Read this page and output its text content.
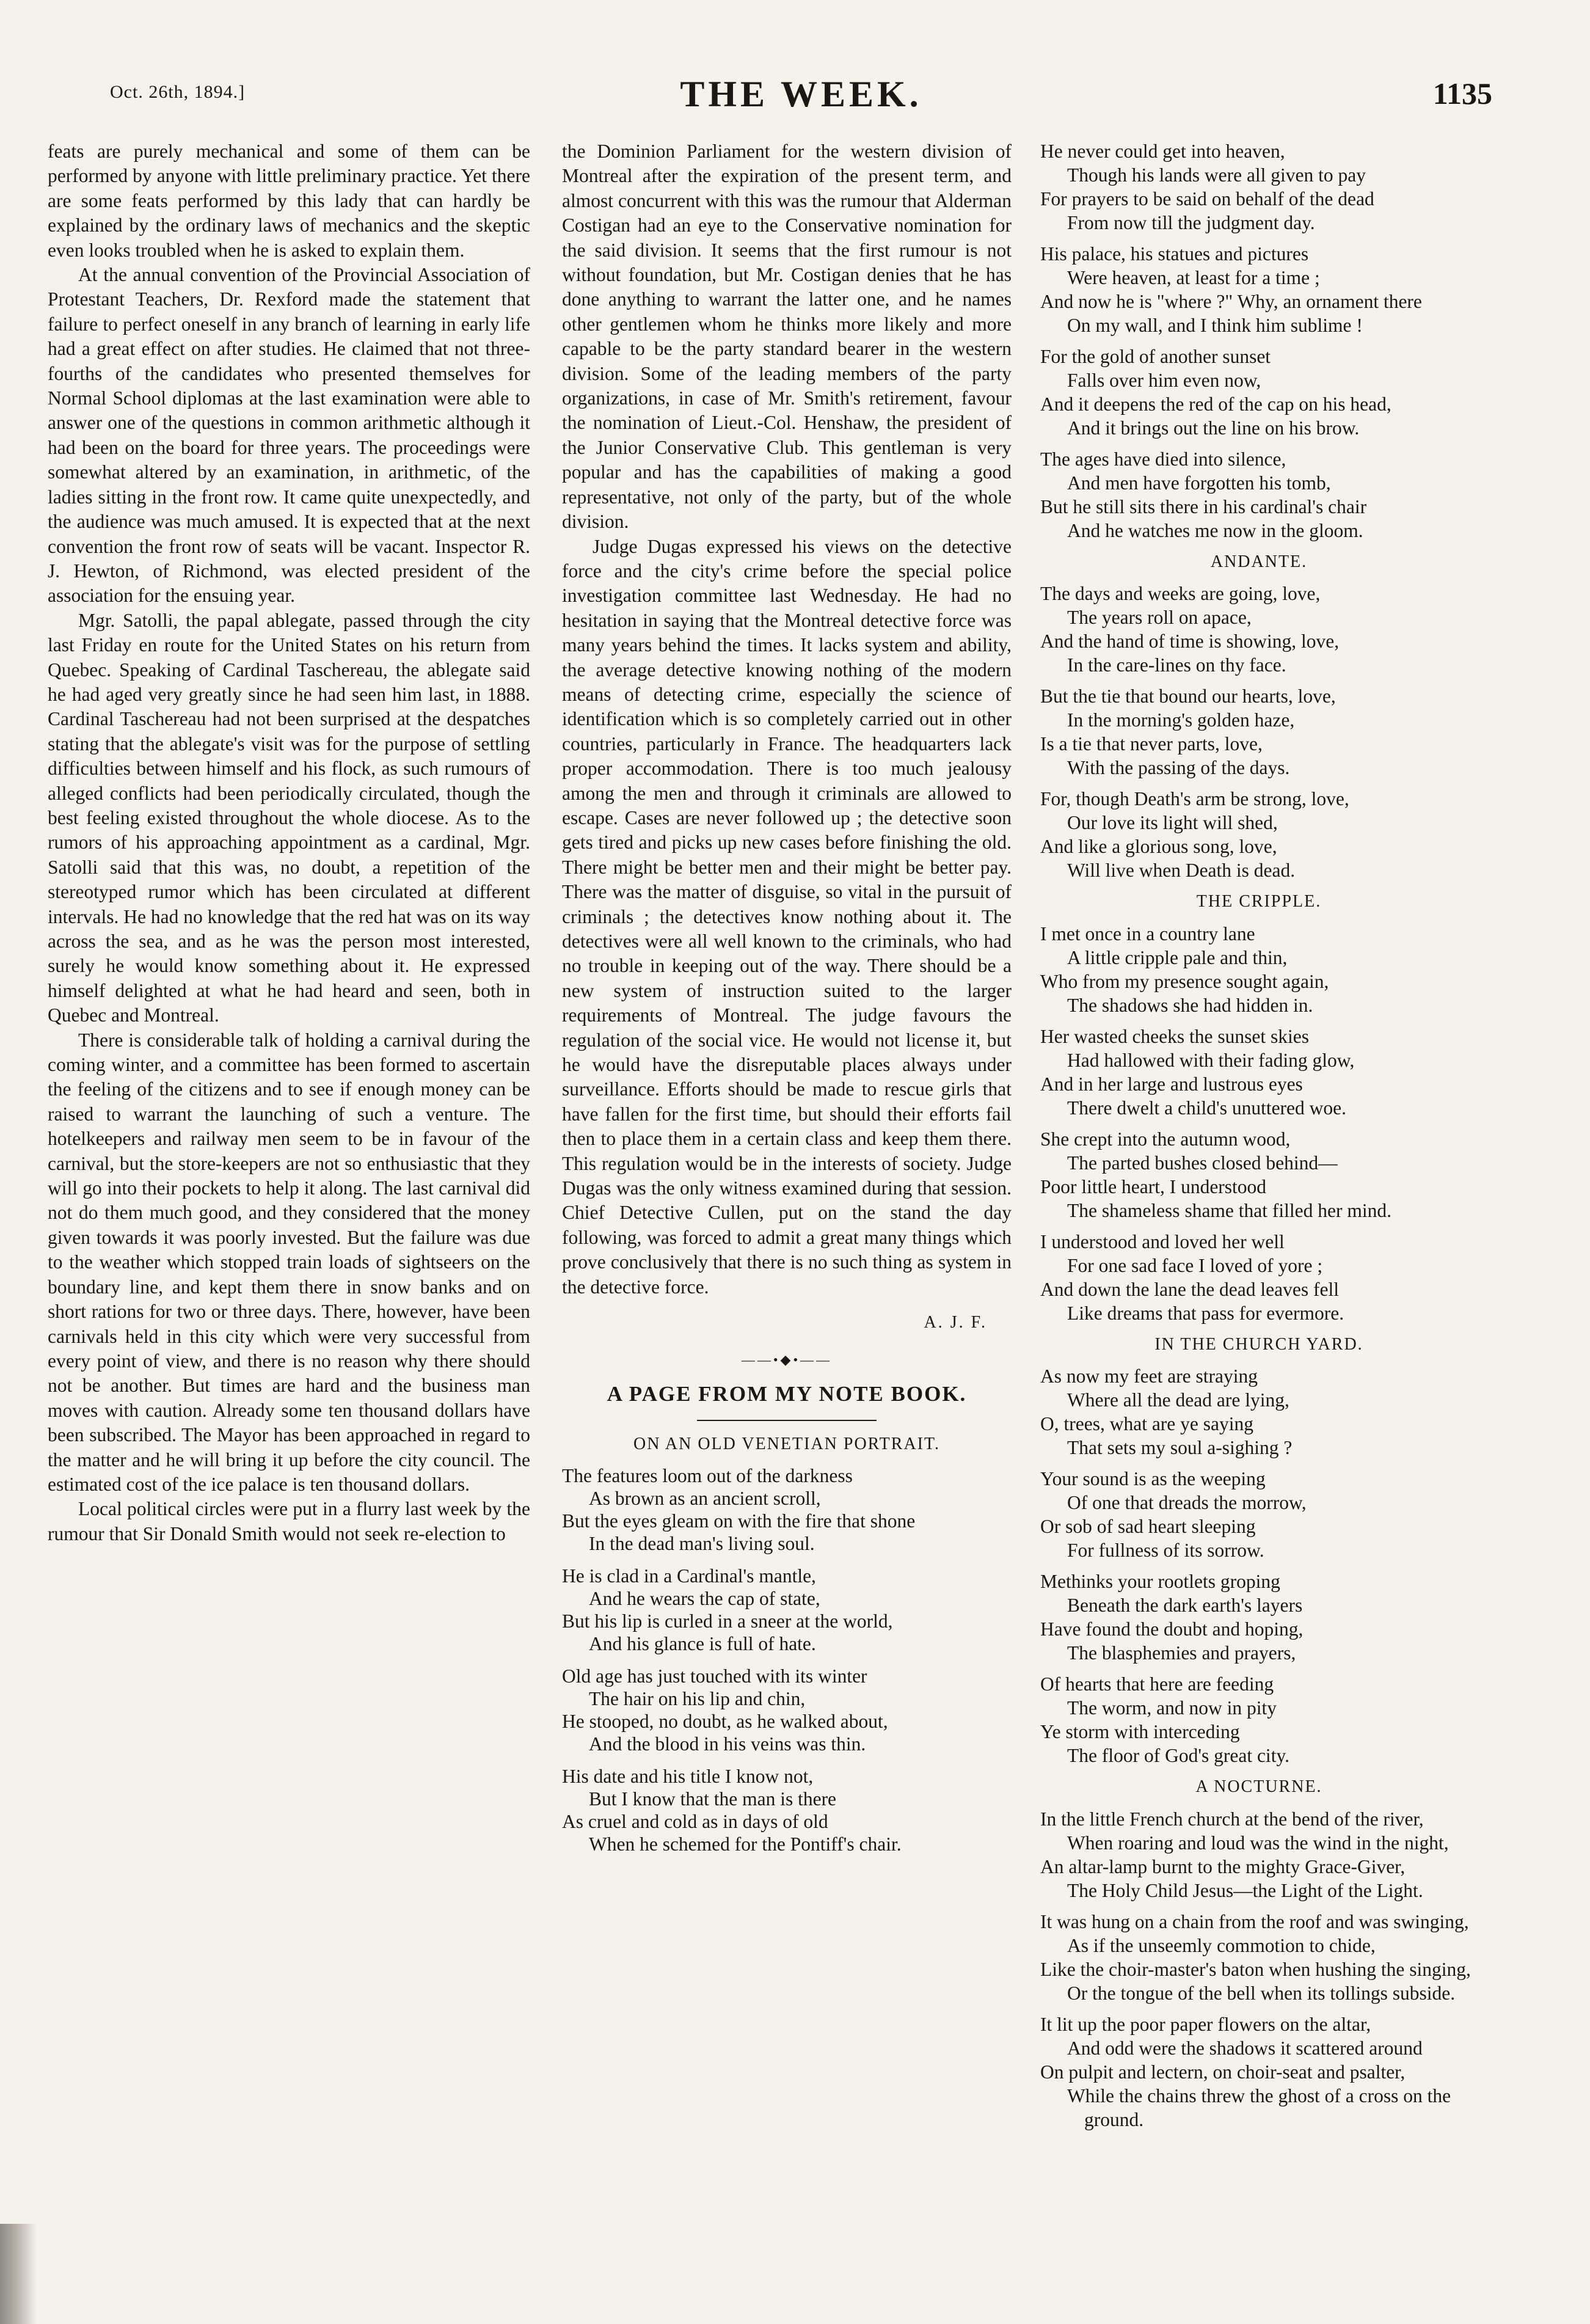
Oct. 26th, 1894.]	THE WEEK.	1135

feats are purely mechanical and some of them can be performed by anyone with little preliminary practice. Yet there are some feats performed by this lady that can hardly be explained by the ordinary laws of mechanics and the skeptic even looks troubled when he is asked to explain them.

At the annual convention of the Provincial Association of Protestant Teachers, Dr. Rexford made the statement that failure to perfect oneself in any branch of learning in early life had a great effect on after studies. He claimed that not three-fourths of the candidates who presented themselves for Normal School diplomas at the last examination were able to answer one of the questions in common arithmetic although it had been on the board for three years. The proceedings were somewhat altered by an examination, in arithmetic, of the ladies sitting in the front row. It came quite unexpectedly, and the audience was much amused. It is expected that at the next convention the front row of seats will be vacant. Inspector R. J. Hewton, of Richmond, was elected president of the association for the ensuing year.

Mgr. Satolli, the papal ablegate, passed through the city last Friday en route for the United States on his return from Quebec. Speaking of Cardinal Taschereau, the ablegate said he had aged very greatly since he had seen him last, in 1888. Cardinal Taschereau had not been surprised at the despatches stating that the ablegate's visit was for the purpose of settling difficulties between himself and his flock, as such rumours of alleged conflicts had been periodically circulated, though the best feeling existed throughout the whole diocese. As to the rumors of his approaching appointment as a cardinal, Mgr. Satolli said that this was, no doubt, a repetition of the stereotyped rumor which has been circulated at different intervals. He had no knowledge that the red hat was on its way across the sea, and as he was the person most interested, surely he would know something about it. He expressed himself delighted at what he had heard and seen, both in Quebec and Montreal.

There is considerable talk of holding a carnival during the coming winter, and a committee has been formed to ascertain the feeling of the citizens and to see if enough money can be raised to warrant the launching of such a venture. The hotelkeepers and railway men seem to be in favour of the carnival, but the store-keepers are not so enthusiastic that they will go into their pockets to help it along. The last carnival did not do them much good, and they considered that the money given towards it was poorly invested. But the failure was due to the weather which stopped train loads of sightseers on the boundary line, and kept them there in snow banks and on short rations for two or three days. There, however, have been carnivals held in this city which were very successful from every point of view, and there is no reason why there should not be another. But times are hard and the business man moves with caution. Already some ten thousand dollars have been subscribed. The Mayor has been approached in regard to the matter and he will bring it up before the city council. The estimated cost of the ice palace is ten thousand dollars.

Local political circles were put in a flurry last week by the rumour that Sir Donald Smith would not seek re-election to

the Dominion Parliament for the western division of Montreal after the expiration of the present term, and almost concurrent with this was the rumour that Alderman Costigan had an eye to the Conservative nomination for the said division. It seems that the first rumour is not without foundation, but Mr. Costigan denies that he has done anything to warrant the latter one, and he names other gentlemen whom he thinks more likely and more capable to be the party standard bearer in the western division. Some of the leading members of the party organizations, in case of Mr. Smith's retirement, favour the nomination of Lieut.-Col. Henshaw, the president of the Junior Conservative Club. This gentleman is very popular and has the capabilities of making a good representative, not only of the party, but of the whole division.

Judge Dugas expressed his views on the detective force and the city's crime before the special police investigation committee last Wednesday. He had no hesitation in saying that the Montreal detective force was many years behind the times. It lacks system and ability, the average detective knowing nothing of the modern means of detecting crime, especially the science of identification which is so completely carried out in other countries, particularly in France. The headquarters lack proper accommodation. There is too much jealousy among the men and through it criminals are allowed to escape. Cases are never followed up ; the detective soon gets tired and picks up new cases before finishing the old. There might be better men and their might be better pay. There was the matter of disguise, so vital in the pursuit of criminals ; the detectives know nothing about it. The detectives were all well known to the criminals, who had no trouble in keeping out of the way. There should be a new system of instruction suited to the larger requirements of Montreal. The judge favours the regulation of the social vice. He would not license it, but he would have the disreputable places always under surveillance. Efforts should be made to rescue girls that have fallen for the first time, but should their efforts fail then to place them in a certain class and keep them there. This regulation would be in the interests of society. Judge Dugas was the only witness examined during that session. Chief Detective Cullen, put on the stand the day following, was forced to admit a great many things which prove conclusively that there is no such thing as system in the detective force.

A. J. F.
——•◆•——
A PAGE FROM MY NOTE BOOK.
ON AN OLD VENETIAN PORTRAIT.
The features loom out of the darkness
As brown as an ancient scroll,
But the eyes gleam on with the fire that shone
In the dead man's living soul.
He is clad in a Cardinal's mantle,
And he wears the cap of state,
But his lip is curled in a sneer at the world,
And his glance is full of hate.
Old age has just touched with its winter
The hair on his lip and chin,
He stooped, no doubt, as he walked about,
And the blood in his veins was thin.
His date and his title I know not,
But I know that the man is there
As cruel and cold as in days of old
When he schemed for the Pontiff's chair.
He never could get into heaven,
Though his lands were all given to pay
For prayers to be said on behalf of the dead
From now till the judgment day.
His palace, his statues and pictures
Were heaven, at least for a time ;
And now he is "where ?" Why, an ornament there
On my wall, and I think him sublime !
For the gold of another sunset
Falls over him even now,
And it deepens the red of the cap on his head,
And it brings out the line on his brow.
The ages have died into silence,
And men have forgotten his tomb,
But he still sits there in his cardinal's chair
And he watches me now in the gloom.
ANDANTE.
The days and weeks are going, love,
The years roll on apace,
And the hand of time is showing, love,
In the care-lines on thy face.
But the tie that bound our hearts, love,
In the morning's golden haze,
Is a tie that never parts, love,
With the passing of the days.
For, though Death's arm be strong, love,
Our love its light will shed,
And like a glorious song, love,
Will live when Death is dead.
THE CRIPPLE.
I met once in a country lane
A little cripple pale and thin,
Who from my presence sought again,
The shadows she had hidden in.
Her wasted cheeks the sunset skies
Had hallowed with their fading glow,
And in her large and lustrous eyes
There dwelt a child's unuttered woe.
She crept into the autumn wood,
The parted bushes closed behind—
Poor little heart, I understood
The shameless shame that filled her mind.
I understood and loved her well
For one sad face I loved of yore ;
And down the lane the dead leaves fell
Like dreams that pass for evermore.
IN THE CHURCH YARD.
As now my feet are straying
Where all the dead are lying,
O, trees, what are ye saying
That sets my soul a-sighing ?
Your sound is as the weeping
Of one that dreads the morrow,
Or sob of sad heart sleeping
For fullness of its sorrow.
Methinks your rootlets groping
Beneath the dark earth's layers
Have found the doubt and hoping,
The blasphemies and prayers,
Of hearts that here are feeding
The worm, and now in pity
Ye storm with interceding
The floor of God's great city.
A NOCTURNE.
In the little French church at the bend of the river,
When roaring and loud was the wind in the night,
An altar-lamp burnt to the mighty Grace-Giver,
The Holy Child Jesus—the Light of the Light.
It was hung on a chain from the roof and was swinging,
As if the unseemly commotion to chide,
Like the choir-master's baton when hushing the singing,
Or the tongue of the bell when its tollings subside.
It lit up the poor paper flowers on the altar,
And odd were the shadows it scattered around
On pulpit and lectern, on choir-seat and psalter,
While the chains threw the ghost of a cross on the ground.
